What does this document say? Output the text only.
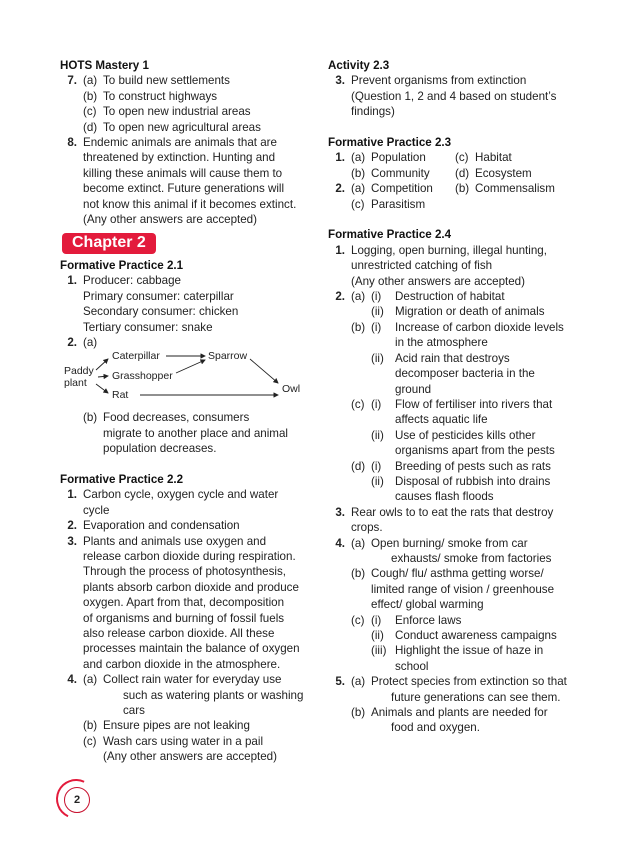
HOTS Mastery 1
7. (a) To build new settlements
(b) To construct highways
(c) To open new industrial areas
(d) To open new agricultural areas
8. Endemic animals are animals that are
threatened by extinction. Hunting and
killing these animals will cause them to
become extinct. Future generations will
not know this animal if it becomes extinct.
(Any other answers are accepted)
Chapter 2
Formative Practice 2.1
1. Producer: cabbage
Primary consumer: caterpillar
Secondary consumer: chicken
Tertiary consumer: snake
2. (a)
Paddy
plant
Caterpillar	Sparrow
Grasshopper
Rat	Owl
(b) Food decreases, consumers
migrate to another place and animal
population decreases.
Formative Practice 2.2
1. Carbon cycle, oxygen cycle and water
cycle
2. Evaporation and condensation
3. Plants and animals use oxygen and
release carbon dioxide during respiration.
Through the process of photosynthesis,
plants absorb carbon dioxide and produce
oxygen. Apart from that, decomposition
of organisms and burning of fossil fuels
also release carbon dioxide. All these
processes maintain the balance of oxygen
and carbon dioxide in the atmosphere.
4. (a) Collect rain water for everyday use
such as watering plants or washing
cars
(b) Ensure pipes are not leaking
(c) Wash cars using water in a pail
(Any other answers are accepted)
Activity 2.3
3. Prevent organisms from extinction
(Question 1, 2 and 4 based on student’s
findings)
Formative Practice 2.3
1. (a) Population	(c) Habitat
(b) Community (d) Ecosystem
2. (a) Competition (b) Commensalism
(c) Parasitism
Formative Practice 2.4
1. Logging, open burning, illegal hunting,
unrestricted catching of fish
(Any other answers are accepted)
2. (a) (i)	Destruction of habitat
(ii) Migration or death of animals
(b) (i)	Increase of carbon dioxide levels
in the atmosphere
(ii) Acid rain that destroys
decomposer bacteria in the
ground
(c) (i)	Flow of fertiliser into rivers that
affects aquatic life
(ii) Use of pesticides kills other
organisms apart from the pests
(d) (i)	Breeding of pests such as rats
(ii) Disposal of rubbish into drains
causes flash floods
3. Rear owls to to eat the rats that destroy
crops.
4. (a) Open burning/ smoke from car
exhausts/ smoke from factories
(b) Cough/ flu/ asthma getting worse/
limited range of vision / greenhouse
effect/ global warming
(c) (i)	Enforce laws
(ii) Conduct awareness campaigns
(iii) Highlight the issue of haze in
school
5. (a) Protect species from extinction so that
future generations can see them.
(b) Animals and plants are needed for
food and oxygen.
2
